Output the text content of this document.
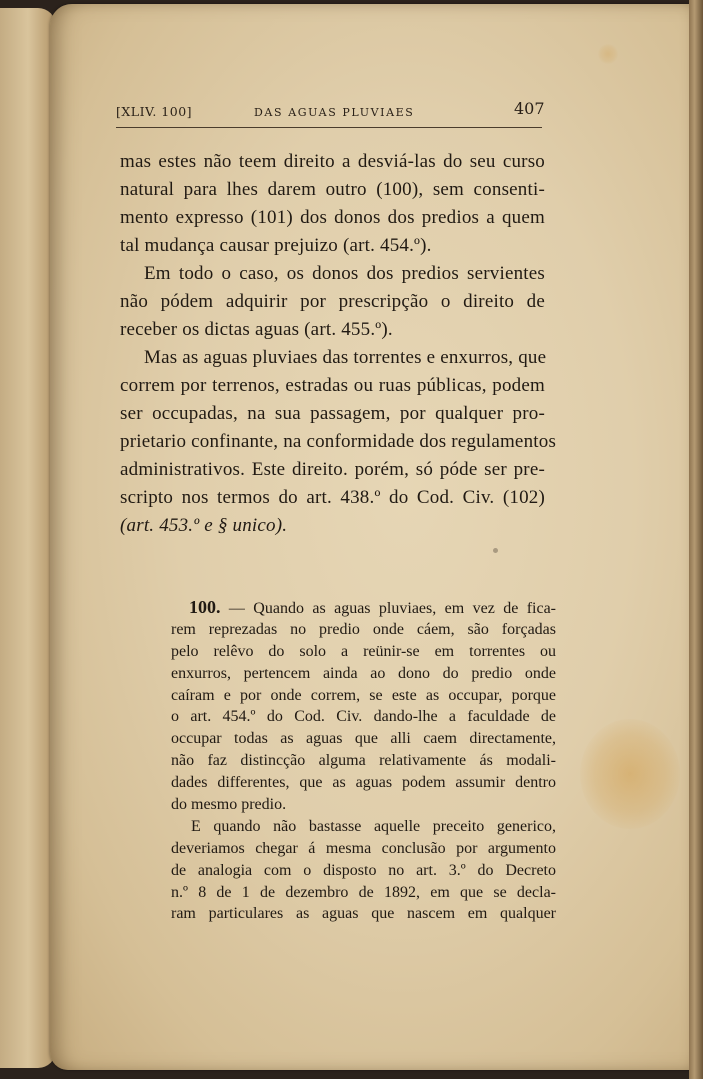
[XLIV. 100]	DAS AGUAS PLUVIAES	407
mas estes não teem direito a desviá-las do seu curso
natural para lhes darem outro (100), sem consenti-
mento expresso (101) dos donos dos predios a quem
tal mudança causar prejuizo (art. 454.º).
Em todo o caso, os donos dos predios servientes
não pódem adquirir por prescripção o direito de
receber os dictas aguas (art. 455.º).
Mas as aguas pluviaes das torrentes e enxurros, que
correm por terrenos, estradas ou ruas públicas, podem
ser occupadas, na sua passagem, por qualquer pro-
prietario confinante, na conformidade dos regulamentos
administrativos. Este direito. porém, só póde ser pre-
scripto nos termos do art. 438.º do Cod. Civ. (102)
(art. 453.º e § unico).
100. — Quando as aguas pluviaes, em vez de fica-
rem reprezadas no predio onde cáem, são forçadas
pelo relêvo do solo a reünir-se em torrentes ou
enxurros, pertencem ainda ao dono do predio onde
caíram e por onde correm, se este as occupar, porque
o art. 454.º do Cod. Civ. dando-lhe a faculdade de
occupar todas as aguas que alli caem directamente,
não faz distincção alguma relativamente ás modali-
dades differentes, que as aguas podem assumir dentro
do mesmo predio.
E quando não bastasse aquelle preceito generico,
deveriamos chegar á mesma conclusão por argumento
de analogia com o disposto no art. 3.º do Decreto
n.º 8 de 1 de dezembro de 1892, em que se decla-
ram particulares as aguas que nascem em qualquer
